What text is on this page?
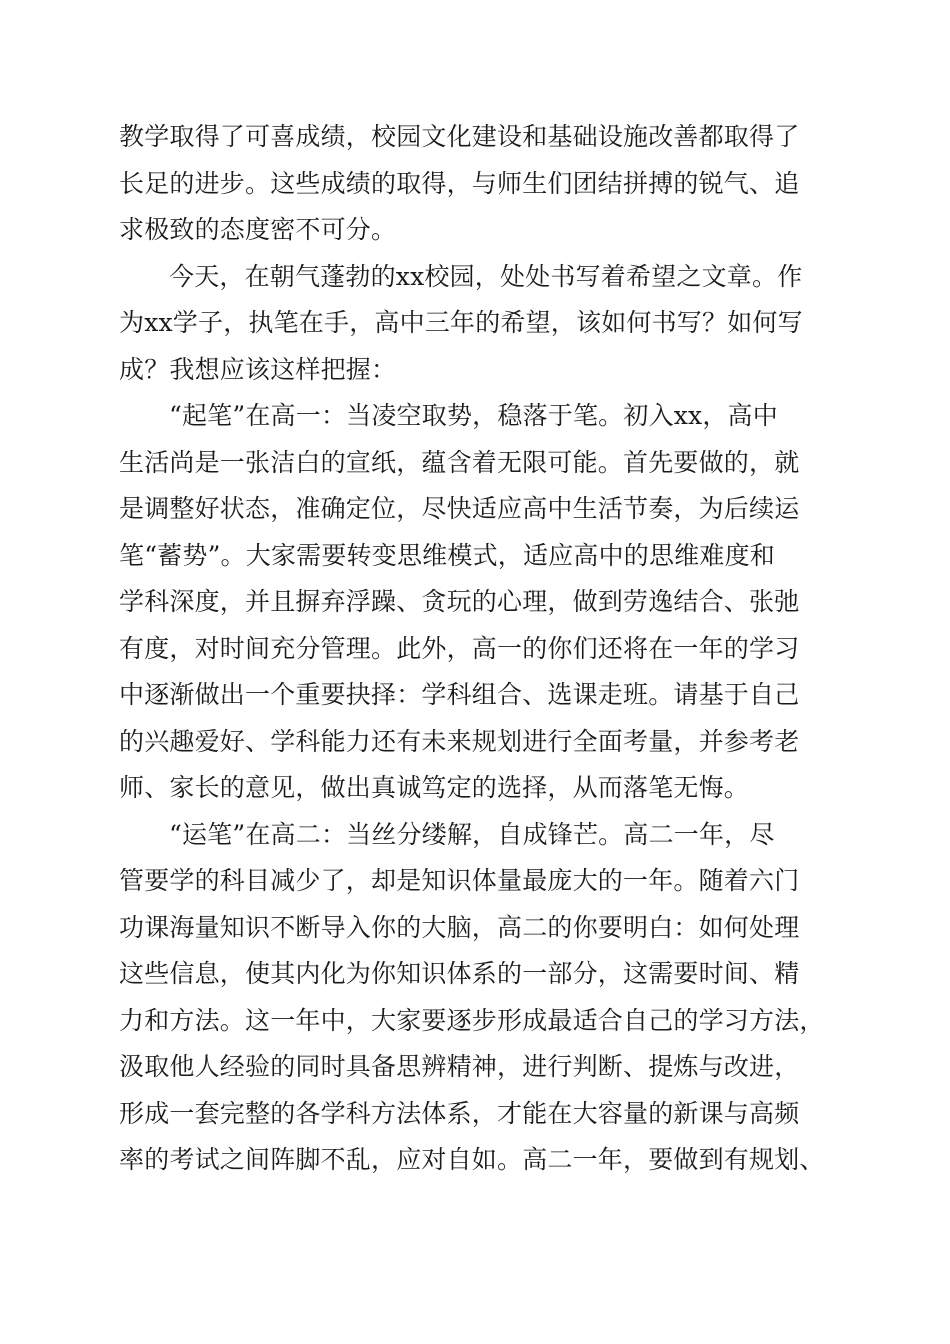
教学取得了可喜成绩，校园文化建设和基础设施改善都取得了
长足的进步。这些成绩的取得，与师生们团结拼搏的锐气、追
求极致的态度密不可分。
今天，在朝气蓬勃的xx校园，处处书写着希望之文章。作
为xx学子，执笔在手，高中三年的希望，该如何书写？如何写
成？我想应该这样把握：
“起笔”在高一：当凌空取势，稳落于笔。初入xx，高中
生活尚是一张洁白的宣纸，蕴含着无限可能。首先要做的，就
是调整好状态，准确定位，尽快适应高中生活节奏，为后续运
笔“蓄势”。大家需要转变思维模式，适应高中的思维难度和
学科深度，并且摒弃浮躁、贪玩的心理，做到劳逸结合、张弛
有度，对时间充分管理。此外，高一的你们还将在一年的学习
中逐渐做出一个重要抉择：学科组合、选课走班。请基于自己
的兴趣爱好、学科能力还有未来规划进行全面考量，并参考老
师、家长的意见，做出真诚笃定的选择，从而落笔无悔。
“运笔”在高二：当丝分缕解，自成锋芒。高二一年，尽
管要学的科目减少了，却是知识体量最庞大的一年。随着六门
功课海量知识不断导入你的大脑，高二的你要明白：如何处理
这些信息，使其内化为你知识体系的一部分，这需要时间、精
力和方法。这一年中，大家要逐步形成最适合自己的学习方法，
汲取他人经验的同时具备思辨精神，进行判断、提炼与改进，
形成一套完整的各学科方法体系，才能在大容量的新课与高频
率的考试之间阵脚不乱，应对自如。高二一年，要做到有规划、
